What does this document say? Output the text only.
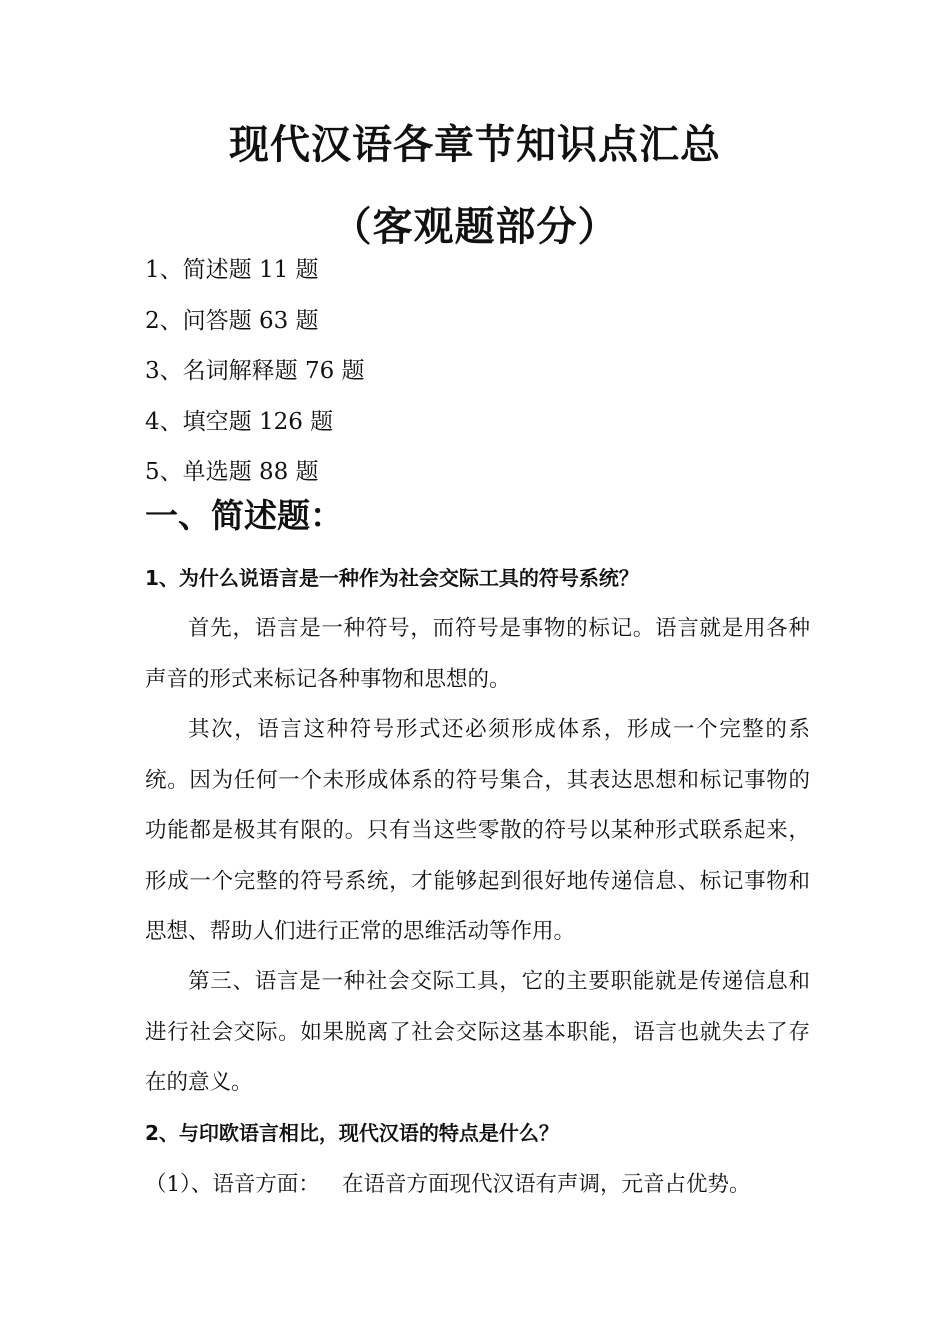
现代汉语各章节知识点汇总
（客观题部分）
1、简述题 11 题
2、问答题 63 题
3、名词解释题 76 题
4、填空题 126 题
5、单选题 88 题
一、简述题：

1、为什么说语言是一种作为社会交际工具的符号系统？

首先，语言是一种符号，而符号是事物的标记。语言就是用各种声音的形式来标记各种事物和思想的。

其次，语言这种符号形式还必须形成体系，形成一个完整的系统。因为任何一个未形成体系的符号集合，其表达思想和标记事物的功能都是极其有限的。只有当这些零散的符号以某种形式联系起来，形成一个完整的符号系统，才能够起到很好地传递信息、标记事物和思想、帮助人们进行正常的思维活动等作用。

第三、语言是一种社会交际工具，它的主要职能就是传递信息和进行社会交际。如果脱离了社会交际这基本职能，语言也就失去了存在的意义。

2、与印欧语言相比，现代汉语的特点是什么？

（1）、语音方面： 在语音方面现代汉语有声调，元音占优势。
